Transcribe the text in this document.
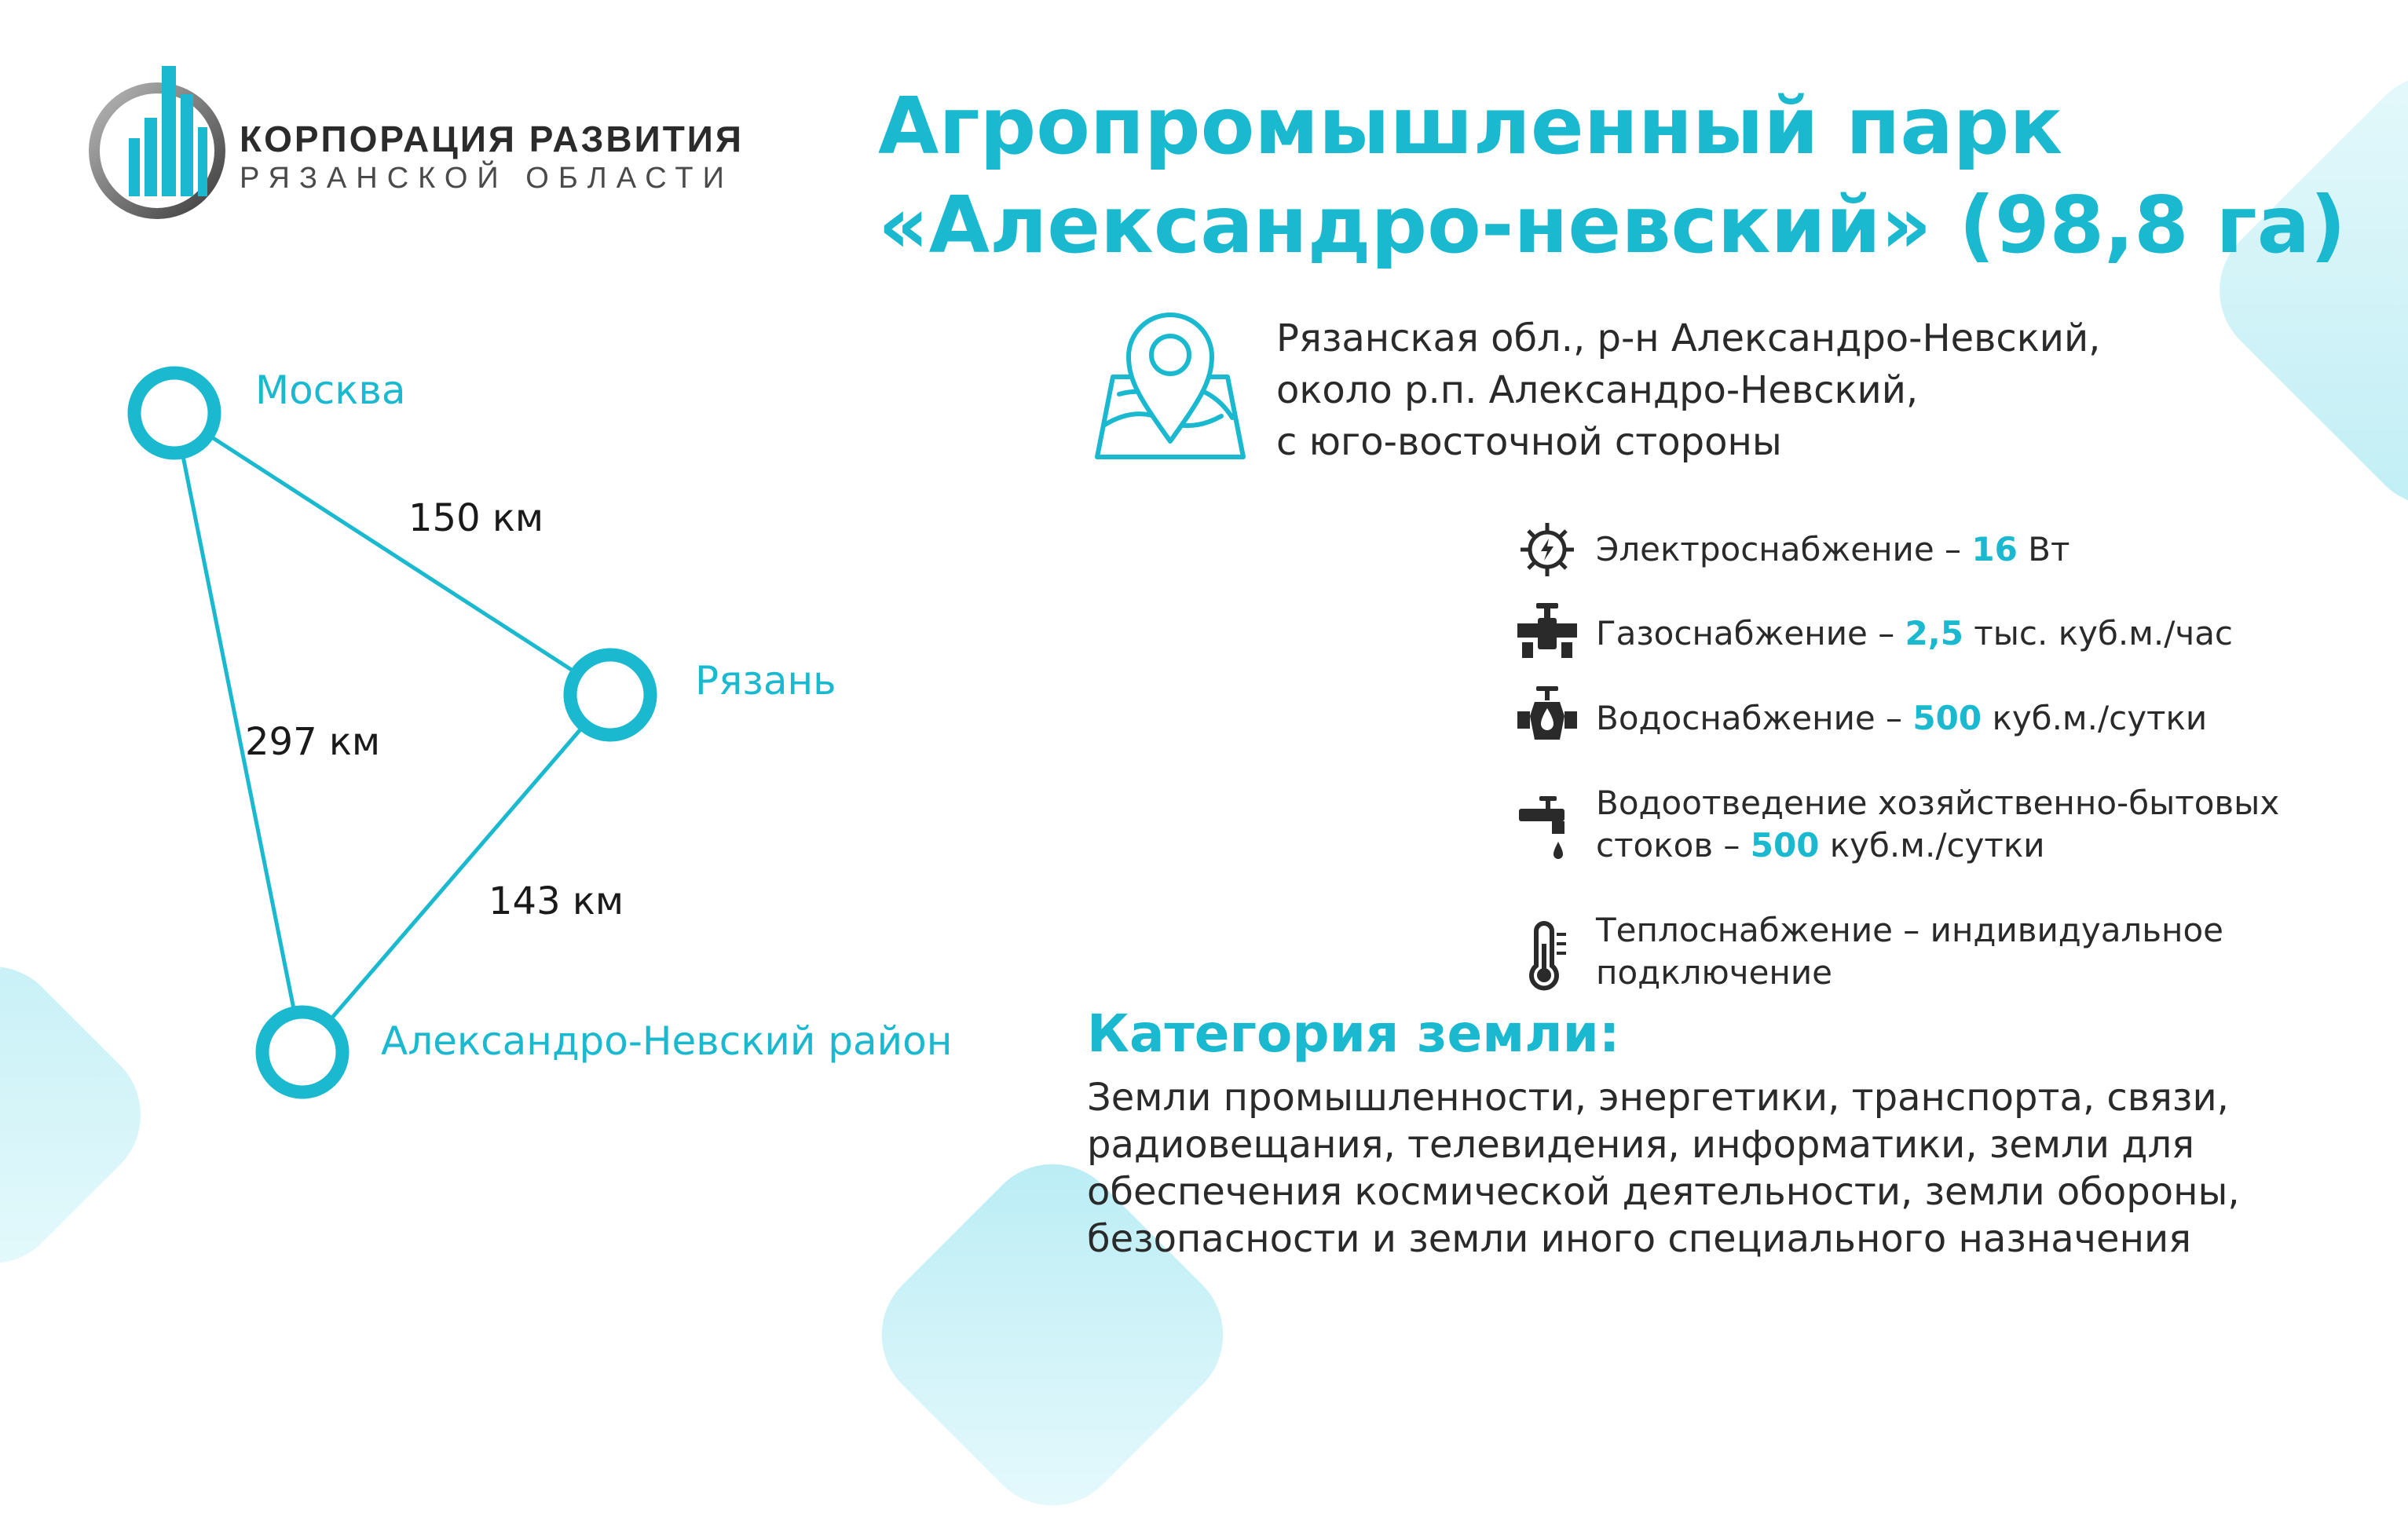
КОРПОРАЦИЯ РАЗВИТИЯ
РЯЗАНСКОЙ ОБЛАСТИ
Агропромышленный парк
«Александро-невский» (98,8 га)
Москва
Рязань
Александро-Невский район
150 км
297 км
143 км
Рязанская обл., р-н Александро-Невский,
около р.п. Александро-Невский,
с юго-восточной стороны
Электроснабжение – 16 Вт
Газоснабжение – 2,5 тыс. куб.м./час
Водоснабжение – 500 куб.м./сутки
Водоотведение хозяйственно-бытовых
стоков – 500 куб.м./сутки
Теплоснабжение – индивидуальное
подключение
Категория земли:
Земли промышленности, энергетики, транспорта, связи,
радиовещания, телевидения, информатики, земли для
обеспечения космической деятельности, земли обороны,
безопасности и земли иного специального назначения
